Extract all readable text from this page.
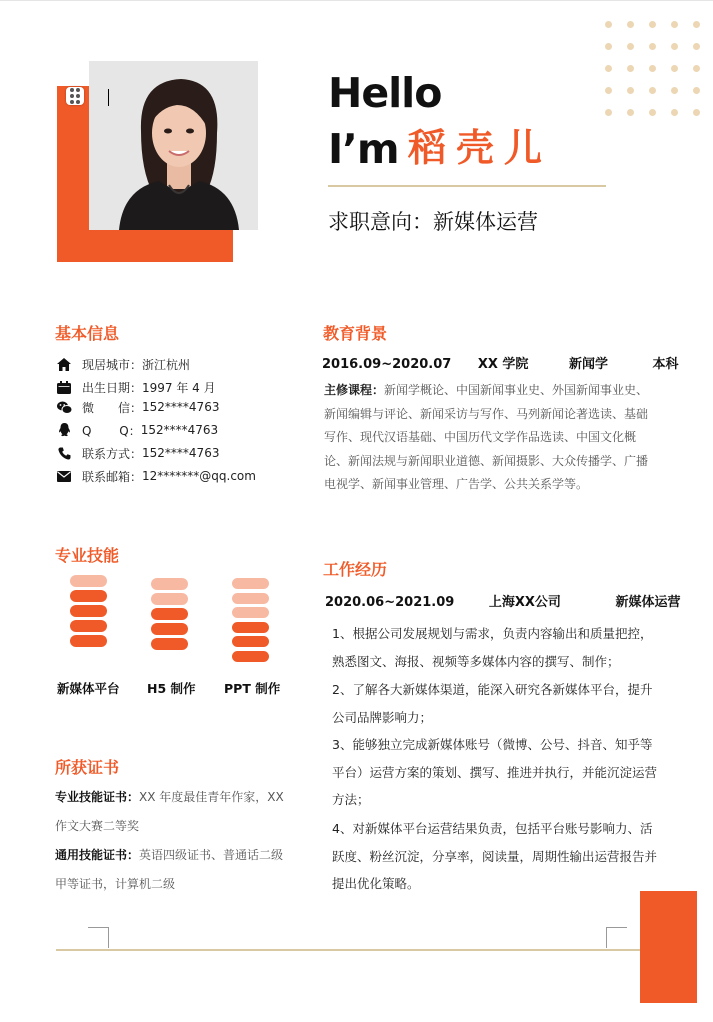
Hello
I’m 稻壳儿
求职意向：新媒体运营
基本信息
现居城市： 浙江杭州
出生日期： 1997 年 4 月
微　　信： 152****4763
Q　　 Q： 152****4763
联系方式： 152****4763
联系邮箱： 12*******@qq.com
教育背景
2016.09~2020.07 XX 学院	新闻学	本科
主修课程：新闻学概论、中国新闻事业史、外国新闻事业史、新闻编辑与评论、新闻采访与写作、马列新闻论著选读、基础写作、现代汉语基础、中国历代文学作品选读、中国文化概论、新闻法规与新闻职业道德、新闻摄影、大众传播学、广播电视学、新闻事业管理、广告学、公共关系学等。
专业技能
新媒体平台 H5 制作 PPT 制作
工作经历
2020.06~2021.09	上海XX公司	新媒体运营
1、根据公司发展规划与需求，负责内容输出和质量把控，熟悉图文、海报、视频等多媒体内容的撰写、制作；
2、了解各大新媒体渠道，能深入研究各新媒体平台，提升公司品牌影响力；
3、能够独立完成新媒体账号（微博、公号、抖音、知乎等平台）运营方案的策划、撰写、推进并执行，并能沉淀运营方法；
4、对新媒体平台运营结果负责，包括平台账号影响力、活跃度、粉丝沉淀，分享率，阅读量，周期性输出运营报告并提出优化策略。
所获证书
专业技能证书：XX 年度最佳青年作家，XX 作文大赛二等奖
通用技能证书：英语四级证书、普通话二级甲等证书，计算机二级
